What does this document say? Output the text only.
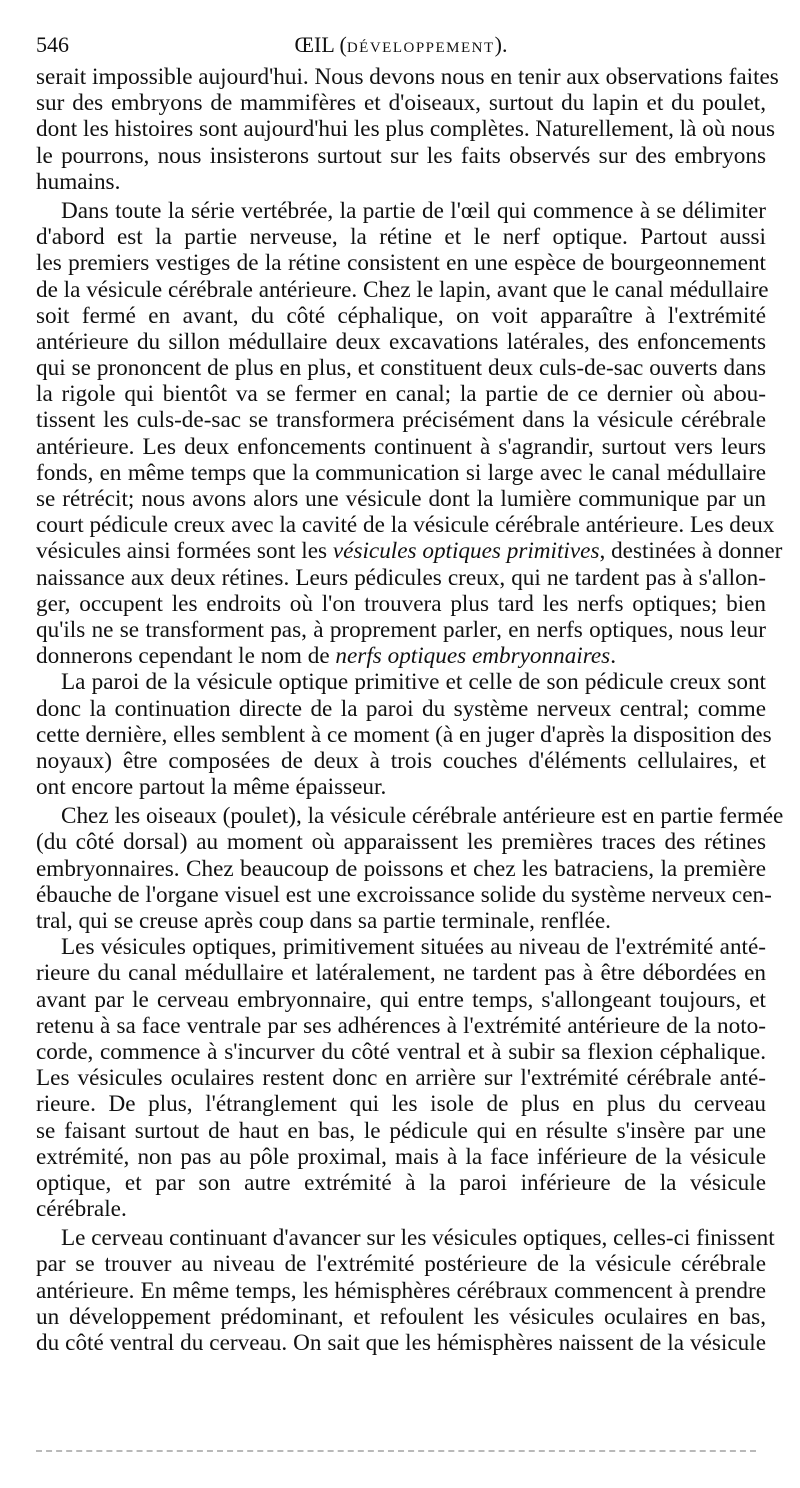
546	ŒIL (DÉVELOPPEMENT).
serait impossible aujourd'hui. Nous devons nous en tenir aux observations faites
sur des embryons de mammifères et d'oiseaux, surtout du lapin et du poulet,
dont les histoires sont aujourd'hui les plus complètes. Naturellement, là où nous
le pourrons, nous insisterons surtout sur les faits observés sur des embryons
humains.
Dans toute la série vertébrée, la partie de l'œil qui commence à se délimiter
d'abord est la partie nerveuse, la rétine et le nerf optique. Partout aussi
les premiers vestiges de la rétine consistent en une espèce de bourgeonnement
de la vésicule cérébrale antérieure. Chez le lapin, avant que le canal médullaire
soit fermé en avant, du côté céphalique, on voit apparaître à l'extrémité
antérieure du sillon médullaire deux excavations latérales, des enfoncements
qui se prononcent de plus en plus, et constituent deux culs-de-sac ouverts dans
la rigole qui bientôt va se fermer en canal; la partie de ce dernier où abou-
tissent les culs-de-sac se transformera précisément dans la vésicule cérébrale
antérieure. Les deux enfoncements continuent à s'agrandir, surtout vers leurs
fonds, en même temps que la communication si large avec le canal médullaire
se rétrécit; nous avons alors une vésicule dont la lumière communique par un
court pédicule creux avec la cavité de la vésicule cérébrale antérieure. Les deux
vésicules ainsi formées sont les vésicules optiques primitives, destinées à donner
naissance aux deux rétines. Leurs pédicules creux, qui ne tardent pas à s'allon-
ger, occupent les endroits où l'on trouvera plus tard les nerfs optiques; bien
qu'ils ne se transforment pas, à proprement parler, en nerfs optiques, nous leur
donnerons cependant le nom de nerfs optiques embryonnaires.
La paroi de la vésicule optique primitive et celle de son pédicule creux sont
donc la continuation directe de la paroi du système nerveux central; comme
cette dernière, elles semblent à ce moment (à en juger d'après la disposition des
noyaux) être composées de deux à trois couches d'éléments cellulaires, et
ont encore partout la même épaisseur.
Chez les oiseaux (poulet), la vésicule cérébrale antérieure est en partie fermée
(du côté dorsal) au moment où apparaissent les premières traces des rétines
embryonnaires. Chez beaucoup de poissons et chez les batraciens, la première
ébauche de l'organe visuel est une excroissance solide du système nerveux cen-
tral, qui se creuse après coup dans sa partie terminale, renflée.
Les vésicules optiques, primitivement situées au niveau de l'extrémité anté-
rieure du canal médullaire et latéralement, ne tardent pas à être débordées en
avant par le cerveau embryonnaire, qui entre temps, s'allongeant toujours, et
retenu à sa face ventrale par ses adhérences à l'extrémité antérieure de la noto-
corde, commence à s'incurver du côté ventral et à subir sa flexion céphalique.
Les vésicules oculaires restent donc en arrière sur l'extrémité cérébrale anté-
rieure. De plus, l'étranglement qui les isole de plus en plus du cerveau
se faisant surtout de haut en bas, le pédicule qui en résulte s'insère par une
extrémité, non pas au pôle proximal, mais à la face inférieure de la vésicule
optique, et par son autre extrémité à la paroi inférieure de la vésicule
cérébrale.
Le cerveau continuant d'avancer sur les vésicules optiques, celles-ci finissent
par se trouver au niveau de l'extrémité postérieure de la vésicule cérébrale
antérieure. En même temps, les hémisphères cérébraux commencent à prendre
un développement prédominant, et refoulent les vésicules oculaires en bas,
du côté ventral du cerveau. On sait que les hémisphères naissent de la vésicule
